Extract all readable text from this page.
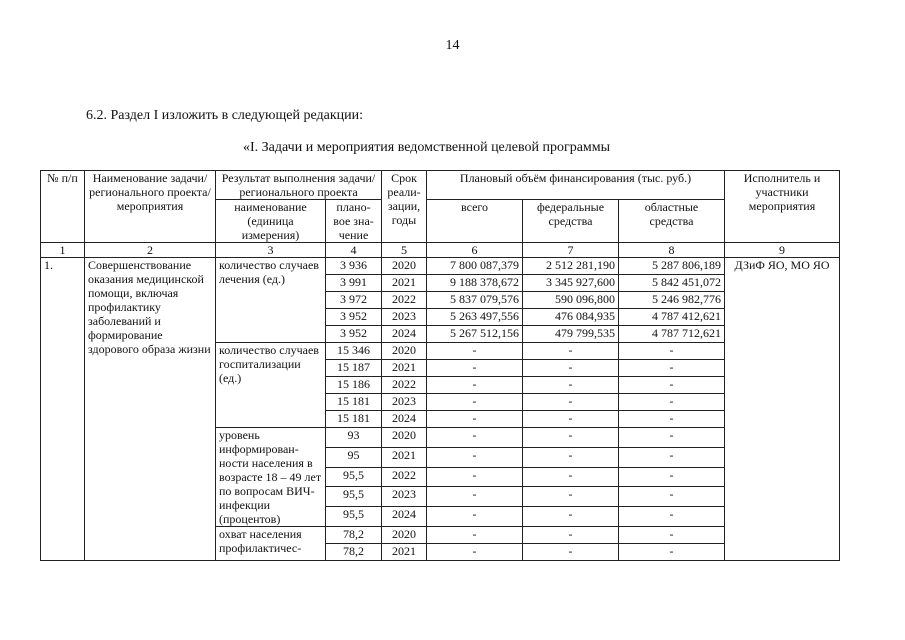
14
6.2. Раздел I изложить в следующей редакции:
«I. Задачи и мероприятия ведомственной целевой программы
№ п/п	Наименование задачи/ регионального проекта/ мероприятия	Результат выполнения задачи/ регионального проекта		Срок реали-зации, годы	Плановый объём финансирования (тыс. руб.)			Исполнитель и участники мероприятия
		наименование (единица измерения)	плано-вое зна-чение		всего	федеральные средства	областные средства	
1	2	3	4	5	6	7	8	9
1.	Совершенствование оказания медицинской помощи, включая профилактику заболеваний и формирование здорового образа жизни	количество случаев лечения (ед.)	3 936	2020	7 800 087,379	2 512 281,190	5 287 806,189	ДЗиФ ЯО, МО ЯО
			3 991	2021	9 188 378,672	3 345 927,600	5 842 451,072	
			3 972	2022	5 837 079,576	590 096,800	5 246 982,776	
			3 952	2023	5 263 497,556	476 084,935	4 787 412,621	
			3 952	2024	5 267 512,156	479 799,535	4 787 712,621	
		количество случаев госпитализации (ед.)	15 346	2020	-	-	-	
			15 187	2021	-	-	-	
			15 186	2022	-	-	-	
			15 181	2023	-	-	-	
			15 181	2024	-	-	-	
		уровень информирован-ности населения в возрасте 18 – 49 лет по вопросам ВИЧ-инфекции (процентов)	93	2020	-	-	-	
			95	2021	-	-	-	
			95,5	2022	-	-	-	
			95,5	2023	-	-	-	
			95,5	2024	-	-	-	
		охват населения профилактичес-	78,2	2020	-	-	-	
			78,2	2021	-	-	-	
